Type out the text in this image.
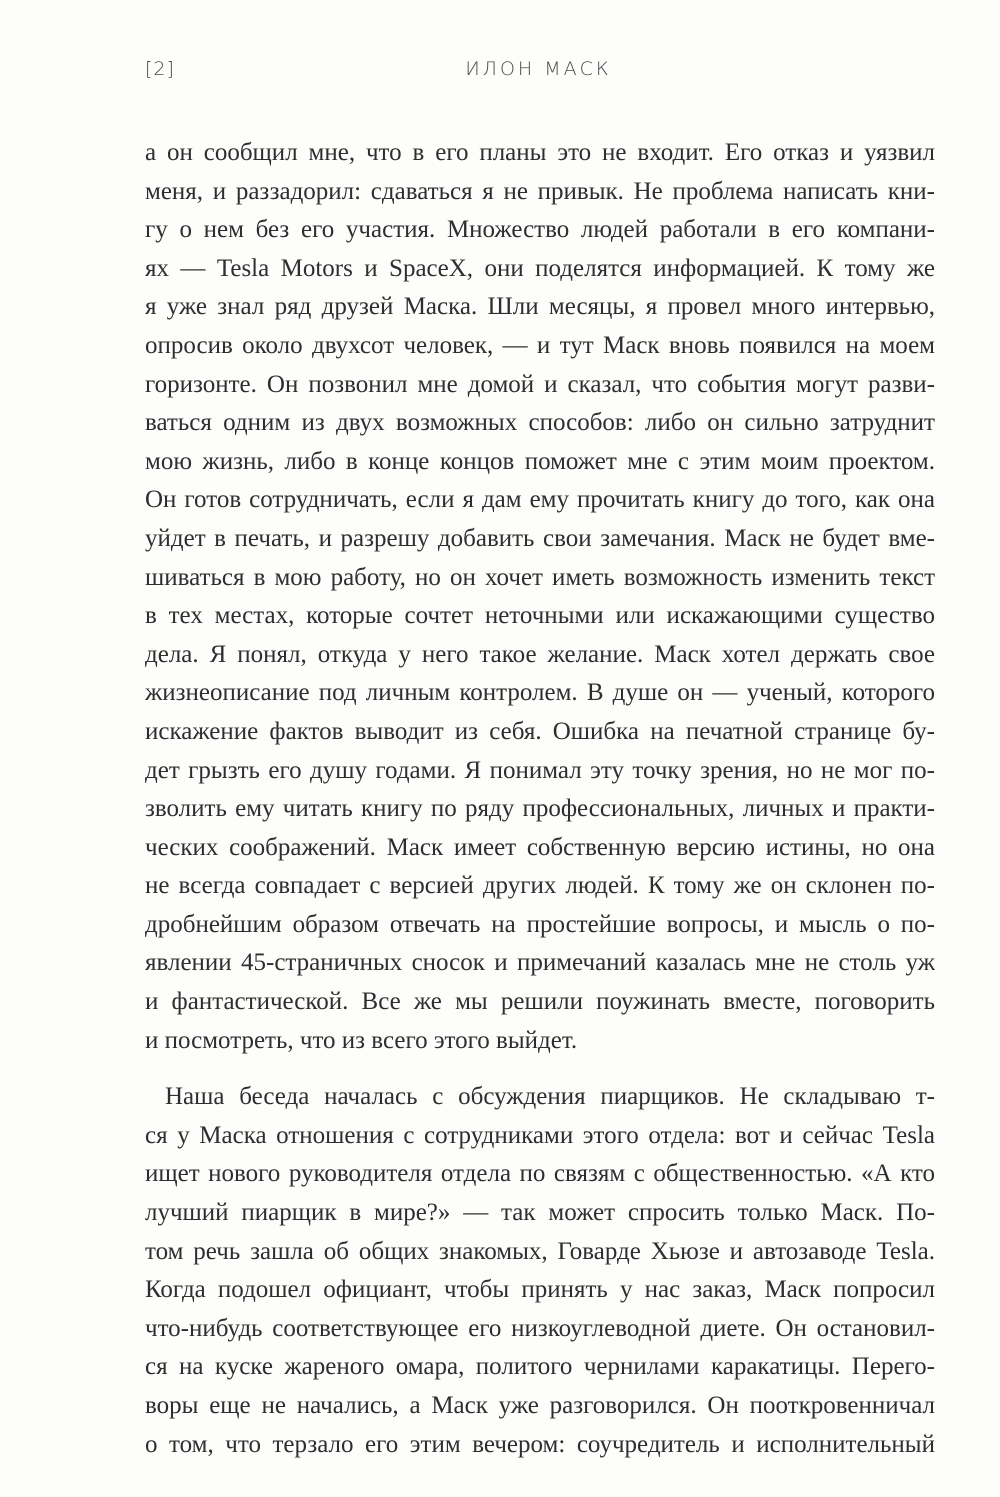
[2]	ИЛОН МАСК
а он сообщил мне, что в его планы это не входит. Его отказ и уязвил
меня, и раззадорил: сдаваться я не привык. Не проблема написать кни-
гу о нем без его участия. Множество людей работали в его компани-
ях — Tesla Motors и SpaceX, они поделятся информацией. К тому же
я уже знал ряд друзей Маска. Шли месяцы, я провел много интервью,
опросив около двухсот человек, — и тут Маск вновь появился на моем
горизонте. Он позвонил мне домой и сказал, что события могут разви-
ваться одним из двух возможных способов: либо он сильно затруднит
мою жизнь, либо в конце концов поможет мне с этим моим проектом.
Он готов сотрудничать, если я дам ему прочитать книгу до того, как она
уйдет в печать, и разрешу добавить свои замечания. Маск не будет вме-
шиваться в мою работу, но он хочет иметь возможность изменить текст
в тех местах, которые сочтет неточными или искажающими существо
дела. Я понял, откуда у него такое желание. Маск хотел держать свое
жизнеописание под личным контролем. В душе он — ученый, которого
искажение фактов выводит из себя. Ошибка на печатной странице бу-
дет грызть его душу годами. Я понимал эту точку зрения, но не мог по-
зволить ему читать книгу по ряду профессиональных, личных и практи-
ческих соображений. Маск имеет собственную версию истины, но она
не всегда совпадает с версией других людей. К тому же он склонен по-
дробнейшим образом отвечать на простейшие вопросы, и мысль о по-
явлении 45-страничных сносок и примечаний казалась мне не столь уж
и фантастической. Все же мы решили поужинать вместе, поговорить
и посмотреть, что из всего этого выйдет.
Наша беседа началась с обсуждения пиарщиков. Не складываю т-
ся у Маска отношения с сотрудниками этого отдела: вот и сейчас Tesla
ищет нового руководителя отдела по связям с общественностью. «А кто
лучший пиарщик в мире?» — так может спросить только Маск. По-
том речь зашла об общих знакомых, Говарде Хьюзе и автозаводе Tesla.
Когда подошел официант, чтобы принять у нас заказ, Маск попросил
что-нибудь соответствующее его низкоуглеводной диете. Он остановил-
ся на куске жареного омара, политого чернилами каракатицы. Перего-
воры еще не начались, а Маск уже разговорился. Он пооткровенничал
о том, что терзало его этим вечером: соучредитель и исполнительный
